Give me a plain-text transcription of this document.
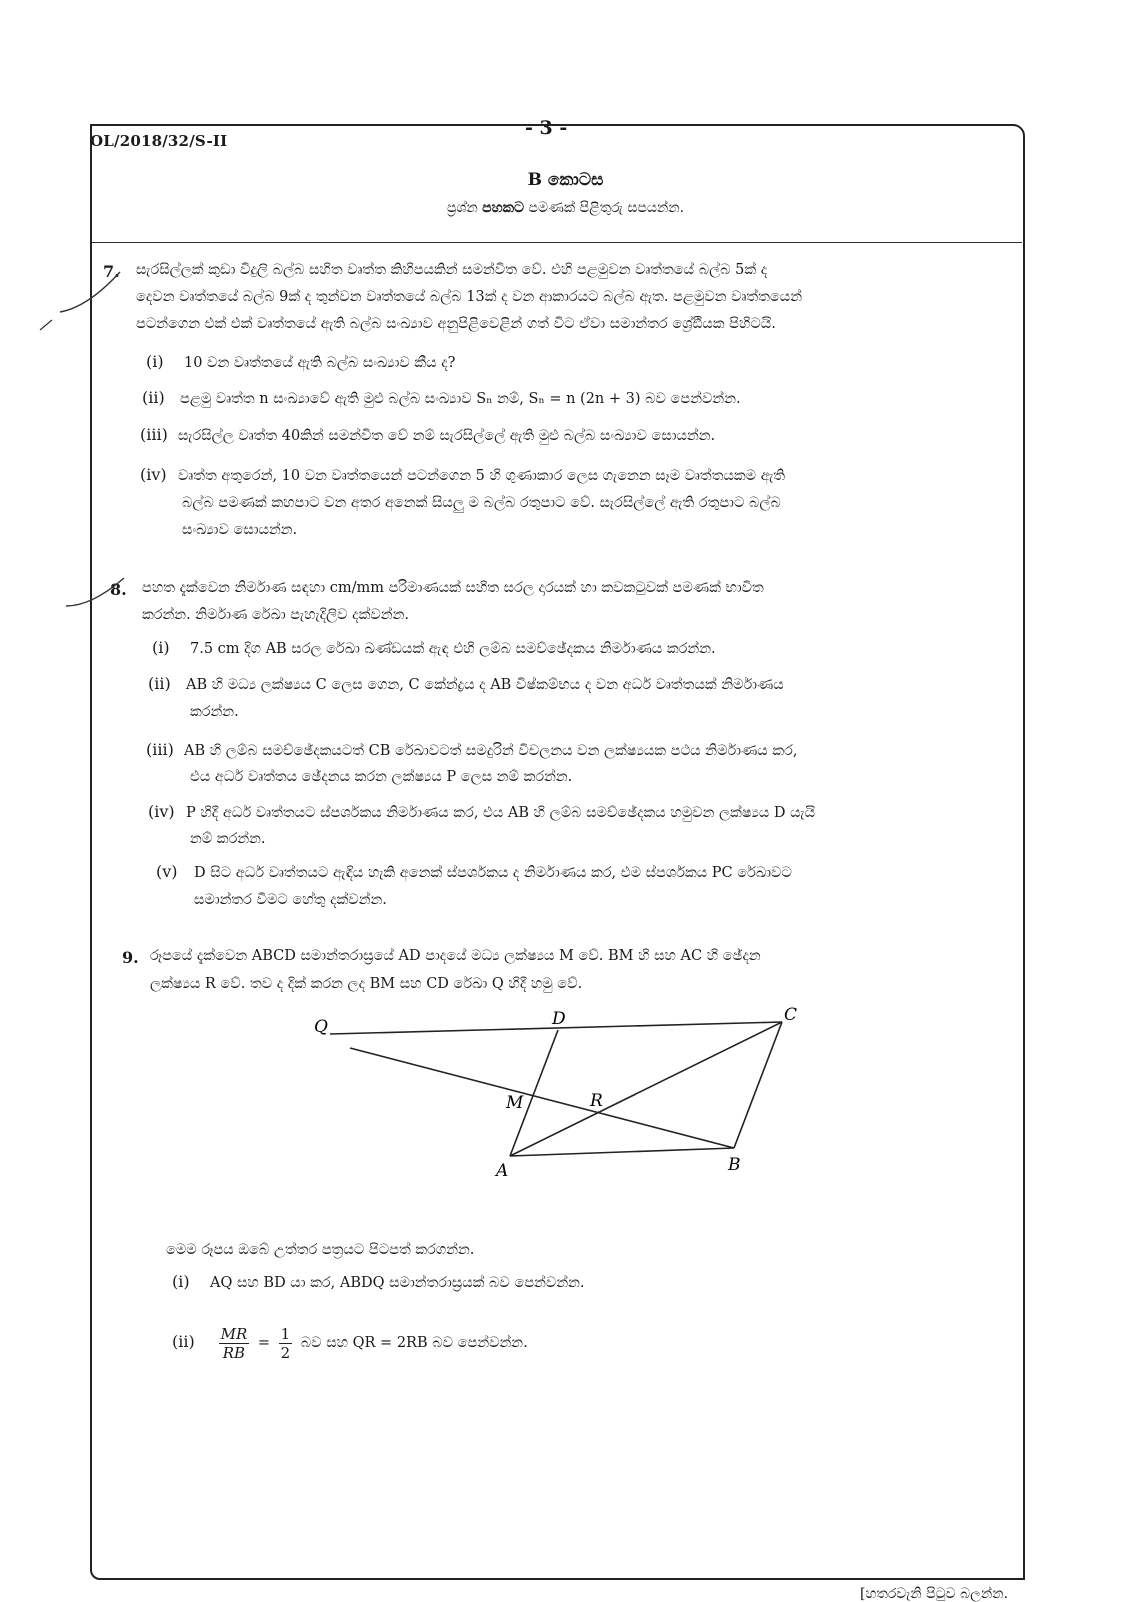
- 3 -
OL/2018/32/S-II
B කොටස
ප්‍රශ්න පහකට පමණක් පිළිතුරු සපයන්න.
7. සැරසිල්ලක් කුඩා විදුලි බල්බ සහිත වෘත්ත කිහිපයකින් සමන්විත වේ. එහි පළමුවන වෘත්තයේ බල්බ 5ක් ද
දෙවන වෘත්තයේ බල්බ 9ක් ද තුන්වන වෘත්තයේ බල්බ 13ක් ද වන ආකාරයට බල්බ ඇත. පළමුවන වෘත්තයෙන්
පටන්ගෙන එක් එක් වෘත්තයේ ඇති බල්බ සංඛ්‍යාව අනුපිළිවෙළින් ගත් විට ඒවා සමාන්තර ශ්‍රේඪියක පිහිටයි.
(i) 10 වන වෘත්තයේ ඇති බල්බ සංඛ්‍යාව කීය ද?
(ii) පළමු වෘත්ත n සංඛ්‍යාවේ ඇති මුළු බල්බ සංඛ්‍යාව Sₙ නම්, Sₙ = n (2n + 3) බව පෙන්වන්න.
(iii) සැරසිල්ල වෘත්ත 40කින් සමන්විත වේ නම් සැරසිල්ලේ ඇති මුළු බල්බ සංඛ්‍යාව සොයන්න.
(iv) වෘත්ත අතුරෙන්, 10 වන වෘත්තයෙන් පටන්ගෙන 5 හි ගුණාකාර ලෙස ගැනෙන සෑම වෘත්තයකම ඇති
බල්බ පමණක් කහපාට වන අතර අනෙක් සියලු ම බල්බ රතුපාට වේ. සැරසිල්ලේ ඇති රතුපාට බල්බ
සංඛ්‍යාව සොයන්න.
8. පහත දැක්වෙන නිර්මාණ සඳහා cm/mm පරිමාණයක් සහිත සරල දාරයක් හා කවකටුවක් පමණක් භාවිත
කරන්න. නිර්මාණ රේඛා පැහැදිලිව දක්වන්න.
(i) 7.5 cm දිග AB සරල රේඛා ඛණ්ඩයක් ඇඳ එහි ලම්බ සමච්ඡේදකය නිර්මාණය කරන්න.
(ii) AB හි මධ්‍ය ලක්ෂ්‍යය C ලෙස ගෙන, C කේන්ද්‍රය ද AB විෂ්කම්භය ද වන අර්ධ වෘත්තයක් නිර්මාණය
කරන්න.
(iii) AB හි ලම්බ සමච්ඡේදකයටත් CB රේඛාවටත් සමදුරින් විචලනය වන ලක්ෂ්‍යයක පථය නිර්මාණය කර,
එය අර්ධ වෘත්තය ඡේදනය කරන ලක්ෂ්‍යය P ලෙස නම් කරන්න.
(iv) P හිදී අර්ධ වෘත්තයට ස්පර්ශකය නිර්මාණය කර, එය AB හි ලම්බ සමච්ඡේදකය හමුවන ලක්ෂ්‍යය D යැයි
නම් කරන්න.
(v) D සිට අර්ධ වෘත්තයට ඇඳිය හැකි අනෙක් ස්පර්ශකය ද නිර්මාණය කර, එම ස්පර්ශකය PC රේඛාවට
සමාන්තර වීමට හේතු දක්වන්න.
9. රූපයේ දැක්වෙන ABCD සමාන්තරාස්‍රයේ AD පාදයේ මධ්‍ය ලක්ෂ්‍යය M වේ. BM හි සහ AC හි ඡේදන
ලක්ෂ්‍යය R වේ. තව ද දික් කරන ලද BM සහ CD රේඛා Q හිදී හමු වේ.
Q	D	C
M	R
A	B
මෙම රූපය ඔබේ උත්තර පත්‍රයට පිටපත් කරගන්න.
(i) AQ සහ BD යා කර, ABDQ සමාන්තරාස්‍රයක් බව පෙන්වන්න.
$(ii) \frac{MR}{RB} = \frac{1}{2}$ බව සහ QR = 2RB බව පෙන්වන්න.
[හතරවැනි පිටුව බලන්න.
